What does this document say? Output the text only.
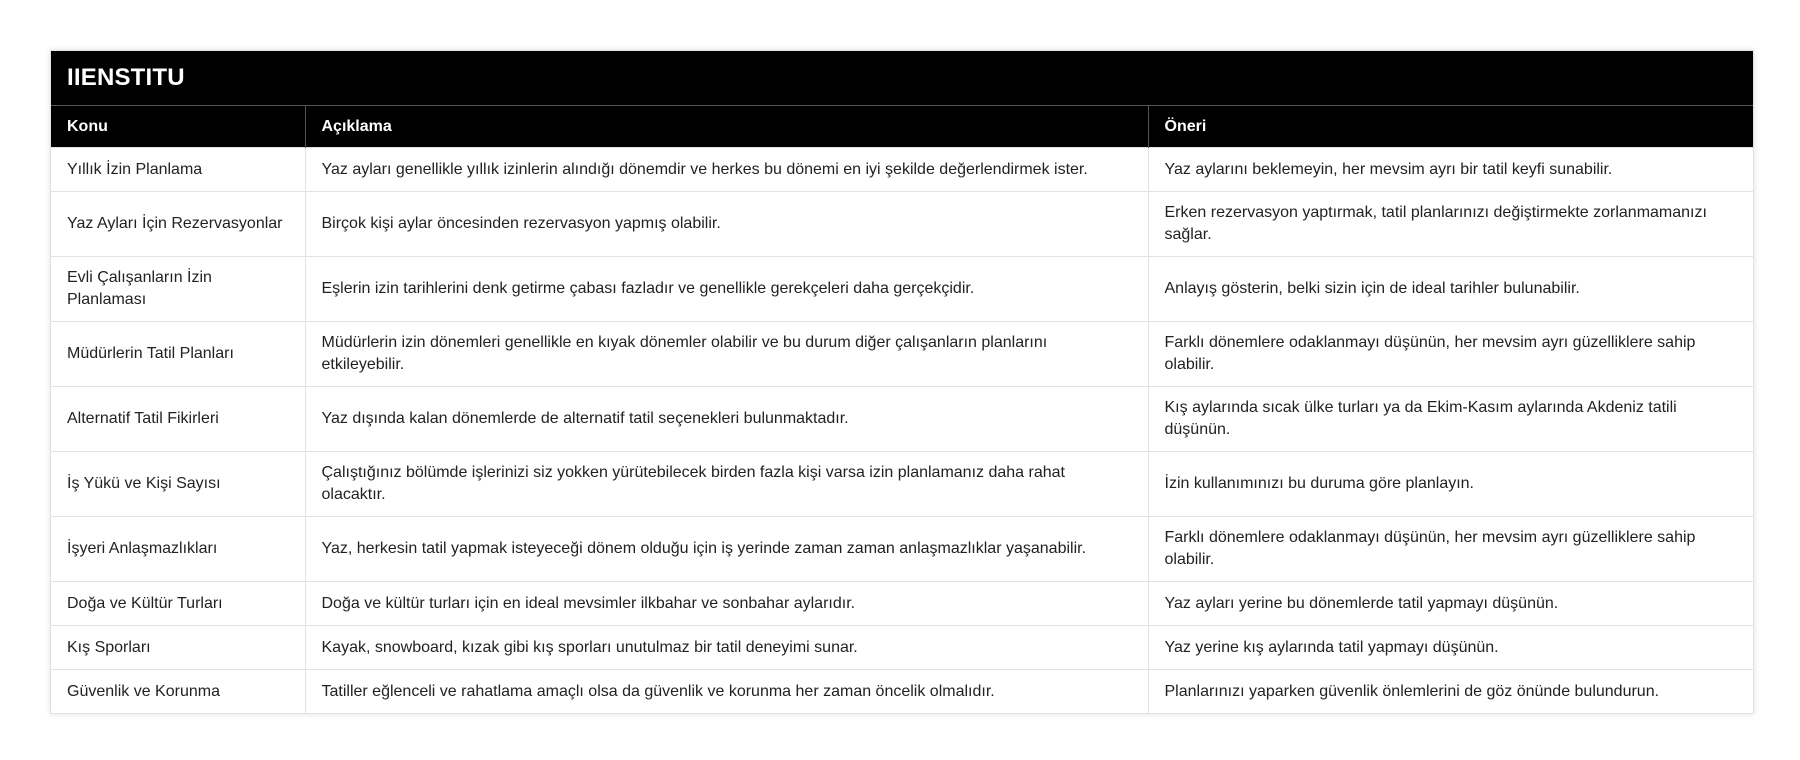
IIENSTITU
Konu	Açıklama	Öneri
Yıllık İzin Planlama	Yaz ayları genellikle yıllık izinlerin alındığı dönemdir ve herkes bu dönemi en iyi şekilde değerlendirmek ister.	Yaz aylarını beklemeyin, her mevsim ayrı bir tatil keyfi sunabilir.
Yaz Ayları İçin Rezervasyonlar	Birçok kişi aylar öncesinden rezervasyon yapmış olabilir.	Erken rezervasyon yaptırmak, tatil planlarınızı değiştirmekte zorlanmamanızı sağlar.
Evli Çalışanların İzin Planlaması	Eşlerin izin tarihlerini denk getirme çabası fazladır ve genellikle gerekçeleri daha gerçekçidir.	Anlayış gösterin, belki sizin için de ideal tarihler bulunabilir.
Müdürlerin Tatil Planları	Müdürlerin izin dönemleri genellikle en kıyak dönemler olabilir ve bu durum diğer çalışanların planlarını etkileyebilir.	Farklı dönemlere odaklanmayı düşünün, her mevsim ayrı güzelliklere sahip olabilir.
Alternatif Tatil Fikirleri	Yaz dışında kalan dönemlerde de alternatif tatil seçenekleri bulunmaktadır.	Kış aylarında sıcak ülke turları ya da Ekim-Kasım aylarında Akdeniz tatili düşünün.
İş Yükü ve Kişi Sayısı	Çalıştığınız bölümde işlerinizi siz yokken yürütebilecek birden fazla kişi varsa izin planlamanız daha rahat olacaktır.	İzin kullanımınızı bu duruma göre planlayın.
İşyeri Anlaşmazlıkları	Yaz, herkesin tatil yapmak isteyeceği dönem olduğu için iş yerinde zaman zaman anlaşmazlıklar yaşanabilir.	Farklı dönemlere odaklanmayı düşünün, her mevsim ayrı güzelliklere sahip olabilir.
Doğa ve Kültür Turları	Doğa ve kültür turları için en ideal mevsimler ilkbahar ve sonbahar aylarıdır.	Yaz ayları yerine bu dönemlerde tatil yapmayı düşünün.
Kış Sporları	Kayak, snowboard, kızak gibi kış sporları unutulmaz bir tatil deneyimi sunar.	Yaz yerine kış aylarında tatil yapmayı düşünün.
Güvenlik ve Korunma	Tatiller eğlenceli ve rahatlama amaçlı olsa da güvenlik ve korunma her zaman öncelik olmalıdır.	Planlarınızı yaparken güvenlik önlemlerini de göz önünde bulundurun.
